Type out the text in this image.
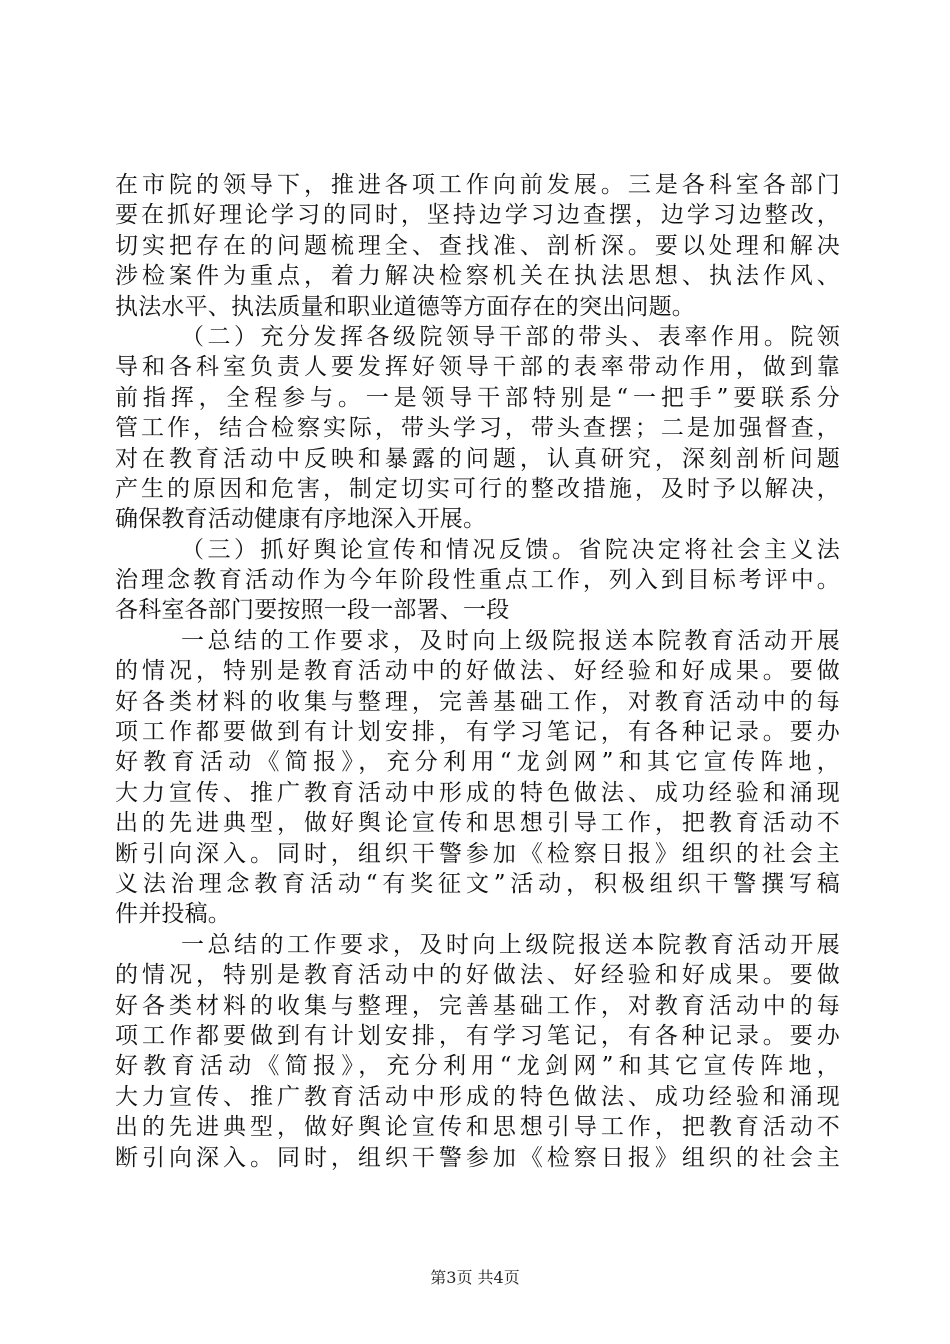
在市院的领导下，推进各项工作向前发展。三是各科室各部门
要在抓好理论学习的同时，坚持边学习边查摆，边学习边整改，
切实把存在的问题梳理全、查找准、剖析深。要以处理和解决
涉检案件为重点，着力解决检察机关在执法思想、执法作风、
执法水平、执法质量和职业道德等方面存在的突出问题。
（二）充分发挥各级院领导干部的带头、表率作用。院领
导和各科室负责人要发挥好领导干部的表率带动作用，做到靠
前指挥，全程参与。一是领导干部特别是“一把手”要联系分
管工作，结合检察实际，带头学习，带头查摆；二是加强督查，
对在教育活动中反映和暴露的问题，认真研究，深刻剖析问题
产生的原因和危害，制定切实可行的整改措施，及时予以解决，
确保教育活动健康有序地深入开展。
（三）抓好舆论宣传和情况反馈。省院决定将社会主义法
治理念教育活动作为今年阶段性重点工作，列入到目标考评中。
各科室各部门要按照一段一部署、一段
一总结的工作要求，及时向上级院报送本院教育活动开展
的情况，特别是教育活动中的好做法、好经验和好成果。要做
好各类材料的收集与整理，完善基础工作，对教育活动中的每
项工作都要做到有计划安排，有学习笔记，有各种记录。要办
好教育活动《简报》，充分利用“龙剑网”和其它宣传阵地，
大力宣传、推广教育活动中形成的特色做法、成功经验和涌现
出的先进典型，做好舆论宣传和思想引导工作，把教育活动不
断引向深入。同时，组织干警参加《检察日报》组织的社会主
义法治理念教育活动“有奖征文”活动，积极组织干警撰写稿
件并投稿。
一总结的工作要求，及时向上级院报送本院教育活动开展
的情况，特别是教育活动中的好做法、好经验和好成果。要做
好各类材料的收集与整理，完善基础工作，对教育活动中的每
项工作都要做到有计划安排，有学习笔记，有各种记录。要办
好教育活动《简报》，充分利用“龙剑网”和其它宣传阵地，
大力宣传、推广教育活动中形成的特色做法、成功经验和涌现
出的先进典型，做好舆论宣传和思想引导工作，把教育活动不
断引向深入。同时，组织干警参加《检察日报》组织的社会主
第3页 共4页
